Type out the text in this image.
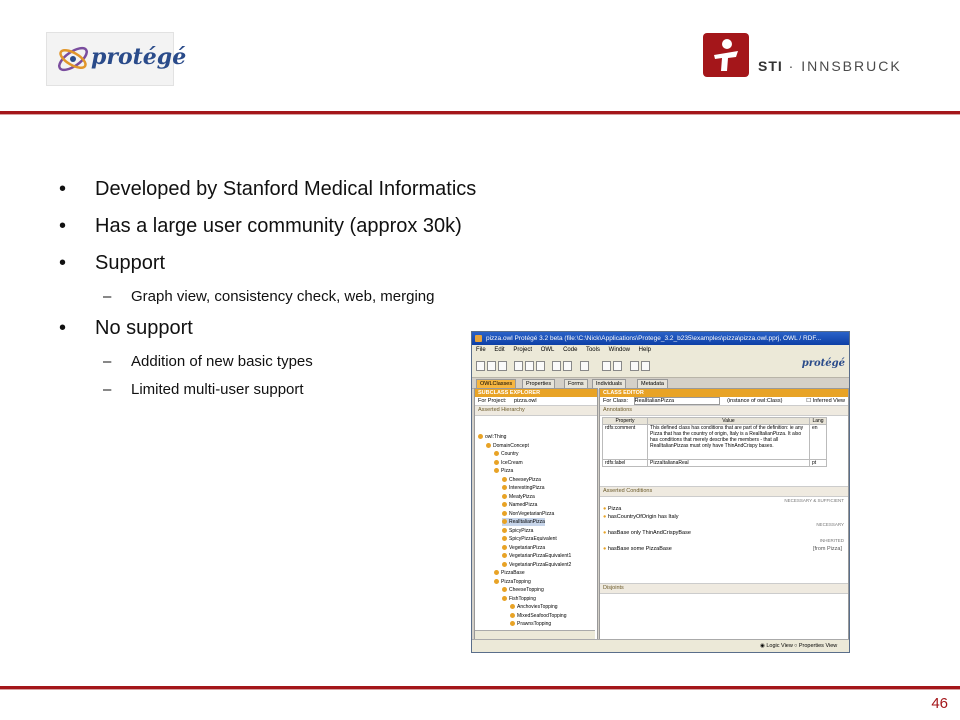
protégé	STI · INNSBRUCK
• Developed by Stanford Medical Informatics
• Has a large user community (approx 30k)
• Support
– Graph view, consistency check, web, merging
• No support
– Addition of new basic types
– Limited multi-user support
pizza.owl Protégé 3.2 beta (file:\C:\Nick\Applications\Protege_3.2_b235\examples\pizza\pizza.owl.pprj, OWL / RDF...
File Edit Project OWL Code Tools Window Help
protégé
OWLClasses	Properties	Forms	Individuals	Metadata
SUBCLASS EXPLORER
For Project: pizza.owl
Asserted Hierarchy
owl:Thing
DomainConcept
Country
IceCream
Pizza
CheeseyPizza
InterestingPizza
MeatyPizza
NamedPizza
NonVegetarianPizza
RealItalianPizza
SpicyPizza
SpicyPizzaEquivalent
VegetarianPizza
VegetarianPizzaEquivalent1
VegetarianPizzaEquivalent2
PizzaBase
PizzaTopping
CheeseTopping
FishTopping
AnchoviesTopping
MixedSeafoodTopping
PrawnsTopping
CLASS EDITOR
For Class: RealItalianPizza	(instance of owl:Class)	☐ Inferred View
Annotations
Property	Value	Lang
rdfs:comment	This defined class has conditions that are part of the definition: ie any Pizza that has the country of origin, Italy is a RealItalianPizza. It also has conditions that merely describe the members - that all RealItalianPizzas must only have ThinAndCrispy bases.	en
rdfs:label	PizzaItalianaReal	pt
Asserted Conditions
NECESSARY & SUFFICIENT
● Pizza
● hasCountryOfOrigin has Italy
NECESSARY
● hasBase only ThinAndCrispyBase
INHERITED
● hasBase some PizzaBase	[from Pizza]
Disjoints
◉ Logic View ○ Properties View
46
